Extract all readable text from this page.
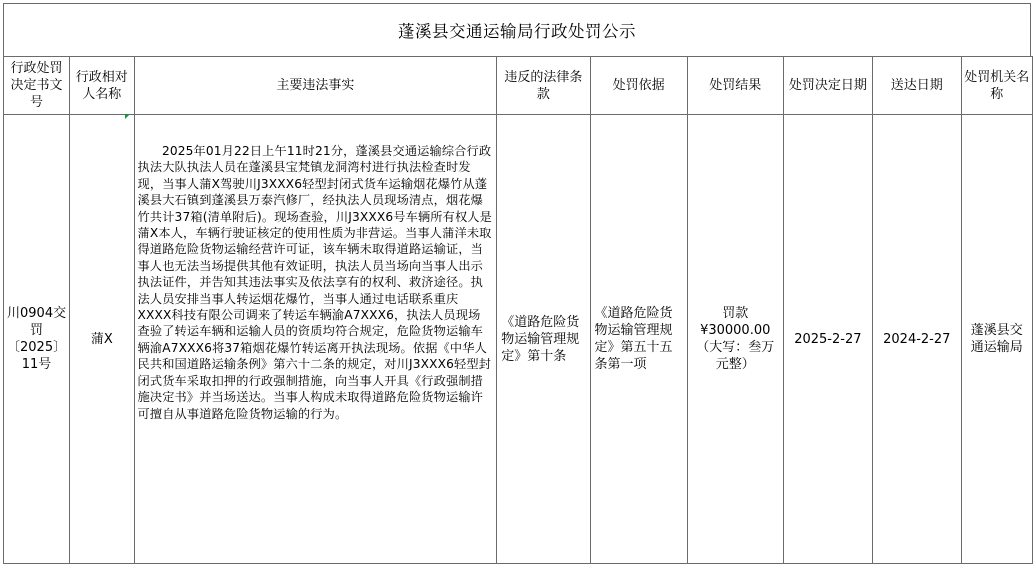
蓬溪县交通运输局行政处罚公示
行政处罚决定书文号	行政相对人名称	主要违法事实	违反的法律条款	处罚依据	处罚结果	处罚决定日期	送达日期	处罚机关名称
川0904交罚〔2025〕11号	蒲X	2025年01月22日上午11时21分，蓬溪县交通运输综合行政执法大队执法人员在蓬溪县宝梵镇龙洞湾村进行执法检查时发现，当事人蒲X驾驶川J3XXX6轻型封闭式货车运输烟花爆竹从蓬溪县大石镇到蓬溪县万泰汽修厂，经执法人员现场清点，烟花爆竹共计37箱(清单附后)。现场查验，川J3XXX6号车辆所有权人是蒲X本人，车辆行驶证核定的使用性质为非营运。当事人蒲洋未取得道路危险货物运输经营许可证，该车辆未取得道路运输证，当事人也无法当场提供其他有效证明，执法人员当场向当事人出示执法证件，并告知其违法事实及依法享有的权利、救济途径。执法人员安排当事人转运烟花爆竹，当事人通过电话联系重庆XXXX科技有限公司调来了转运车辆渝A7XXX6，执法人员现场查验了转运车辆和运输人员的资质均符合规定，危险货物运输车辆渝A7XXX6将37箱烟花爆竹转运离开执法现场。依据《中华人民共和国道路运输条例》第六十二条的规定，对川J3XXX6轻型封闭式货车采取扣押的行政强制措施，向当事人开具《行政强制措施决定书》并当场送达。当事人构成未取得道路危险货物运输许可擅自从事道路危险货物运输的行为。	《道路危险货物运输管理规定》第十条	《道路危险货物运输管理规定》第五十五条第一项	罚款¥30000.00（大写：叁万元整）	2025-2-27	2024-2-27	蓬溪县交通运输局
